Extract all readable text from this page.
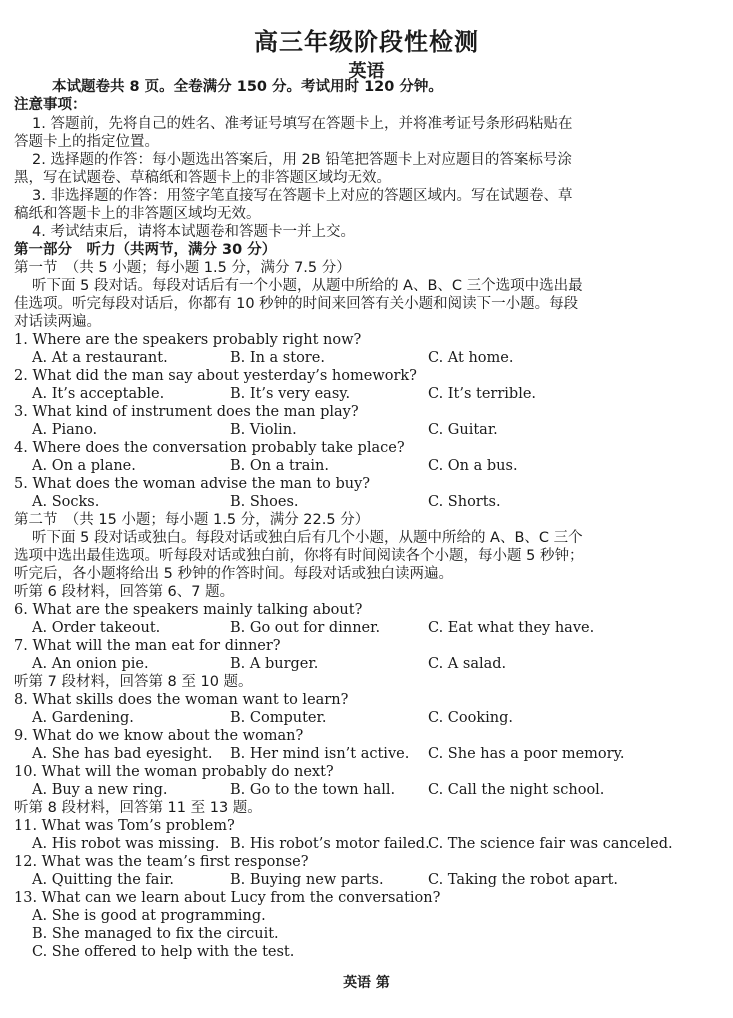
高三年级阶段性检测
英语
本试题卷共 8 页。全卷满分 150 分。考试用时 120 分钟。
注意事项：
1. 答题前，先将自己的姓名、准考证号填写在答题卡上，并将准考证号条形码粘贴在
答题卡上的指定位置。
2. 选择题的作答：每小题选出答案后，用 2B 铅笔把答题卡上对应题目的答案标号涂
黑，写在试题卷、草稿纸和答题卡上的非答题区域均无效。
3. 非选择题的作答：用签字笔直接写在答题卡上对应的答题区域内。写在试题卷、草
稿纸和答题卡上的非答题区域均无效。
4. 考试结束后，请将本试题卷和答题卡一并上交。
第一部分　听力（共两节，满分 30 分）
第一节　（共 5 小题；每小题 1.5 分，满分 7.5 分）
听下面 5 段对话。每段对话后有一个小题，从题中所给的 A、B、C 三个选项中选出最
佳选项。听完每段对话后，你都有 10 秒钟的时间来回答有关小题和阅读下一小题。每段
对话读两遍。
1. Where are the speakers probably right now?
A. At a restaurant.	B. In a store.	C. At home.
2. What did the man say about yesterday’s homework?
A. It’s acceptable.	B. It’s very easy.	C. It’s terrible.
3. What kind of instrument does the man play?
A. Piano.	B. Violin.	C. Guitar.
4. Where does the conversation probably take place?
A. On a plane.	B. On a train.	C. On a bus.
5. What does the woman advise the man to buy?
A. Socks.	B. Shoes.	C. Shorts.
第二节　（共 15 小题；每小题 1.5 分，满分 22.5 分）
听下面 5 段对话或独白。每段对话或独白后有几个小题，从题中所给的 A、B、C 三个
选项中选出最佳选项。听每段对话或独白前，你将有时间阅读各个小题，每小题 5 秒钟；
听完后，各小题将给出 5 秒钟的作答时间。每段对话或独白读两遍。
听第 6 段材料，回答第 6、7 题。
6. What are the speakers mainly talking about?
A. Order takeout.	B. Go out for dinner.	C. Eat what they have.
7. What will the man eat for dinner?
A. An onion pie.	B. A burger.	C. A salad.
听第 7 段材料，回答第 8 至 10 题。
8. What skills does the woman want to learn?
A. Gardening.	B. Computer.	C. Cooking.
9. What do we know about the woman?
A. She has bad eyesight. B. Her mind isn’t active. C. She has a poor memory.
10. What will the woman probably do next?
A. Buy a new ring.	B. Go to the town hall. C. Call the night school.
听第 8 段材料，回答第 11 至 13 题。
11. What was Tom’s problem?
A. His robot was missing. B. His robot’s motor failed.
C. The science fair was canceled.
12. What was the team’s first response?
A. Quitting the fair.	B. Buying new parts.	C. Taking the robot apart.
13. What can we learn about Lucy from the conversation?
A. She is good at programming.
B. She managed to fix the circuit.
C. She offered to help with the test.
英语 第
